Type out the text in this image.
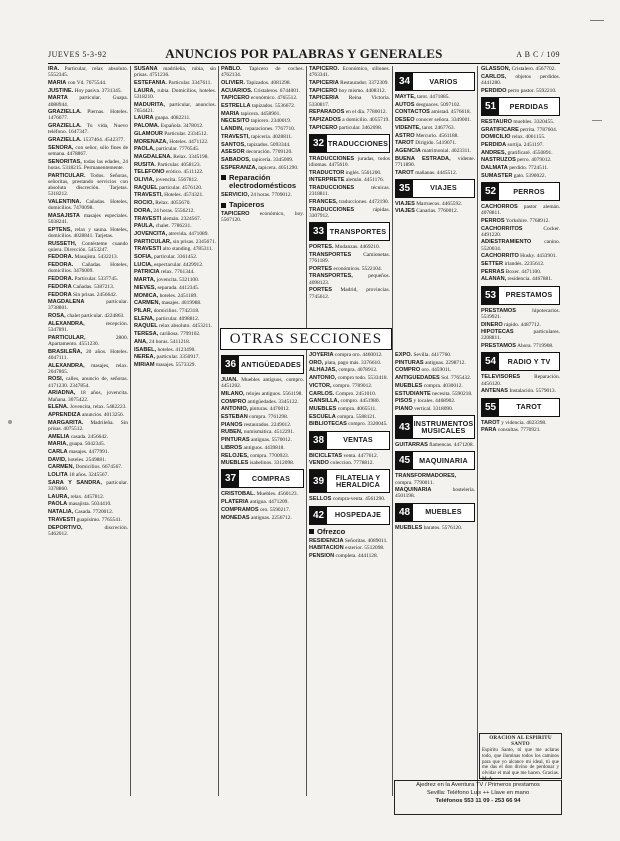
JUEVES 5-3-92	ANUNCIOS POR PALABRAS Y GENERALES	A B C / 109

IRA. Particular, relax absoluto. 5552345.

MARIA con Vd. 7675544.

JUSTINE. Hoy pasiva. 3731345.

MARTA particular. Guapa. 4088944.

GRAZIELLA. Piernas. Hoteles. 1476677.

GRAZIELLA. Tu vida, Nuevo teléfono. 1647347.

GRAZIELLA. 1537464. 4542377.

SENORA, con señor, sólo fines de semana. 4478867.

SENORITAS, todas las edades, 24 horas. 5318215. Permanentemente.

PARTICULAR. Todos. Señoras, señoritas, prestando servicios con absoluta discreción. Tarjetas. 5318212.

VALENTINA. Cañadas. Hoteles, domicilios. 7470098.

MASAJISTA masajes especiales. 5038241.

EPTENS, relax y sauna. Hoteles, domicilios. 4028841. Tarjetas.

RUSSETH, Contésteme cuando quiera. Dirección. 5453247.

FEDORA. Masajista. 5432213.

FEDORA. Cañadas. Hoteles, domicilios. 3476009.

FEDORA. Particular. 5337745.

FEDORA Cañadas. 5387213.

FEDORA Sin prisas. 2456642.

MAGDALENA	particular. 3738801.

ROSA, chalet particular. 4224863.

ALEXANDRA,	recepción. 5347891.

PARTICULAR,	2800. Apartamento. 4551230.

BRASILEÑA, 20 años. Hoteles. 4047111.

ALEXANDRA, masajes, relax. 2047865.

ROSI, calles, anuncio de, señoras. 4171230. 2347854.

ARIADNA, 18 años, jovencita. Mañana. 3075422.

ELENA. Jovencita, relax. 5482223.

APRENDIZA anuncios. 4013256.

MARGARITA. Madrileña. Sin prisas. 4075512.

AMELIA casada. 2456642.

MARIA, guapa. 5042345.

CARLA masajes. 4477991.

DAVID, hoteles. 2549881.

CARMEN, Domicilios. 6674567.

LOLITA 18 años. 3245567.

SARA Y SANDRA, particular. 3378860.

LAURA, relax. 4457812.

PAOLA masajista. 5034410.

NATALIA, Casada. 7720012.

TRAVESTI guapísimo. 7765541.

DEPORTIVO,	discreción. 5462012.

SUSANA madrileña, rubia, sin prisas. 4751236.

ESTEFANIA. Particular. 3347611.

LAURA, rubia. Domicilios, hoteles. 5318210.

MADURITA, particular, anuncios. 7654421.

LAURA guapa. 4082211.

PALOMA. Española. 3478012.

GLAMOUR Particular. 2334512.

MORENAZA, Hoteles. 4471122.

PAOLA, particular. 7776545.

MAGDALENA. Relax. 3345198.

RUSITA. Particular. 4058123.

TELEFONO erótico. 4511122.

OLIVIA, jovencita. 5567812.

RAQUEL particular. 4576120.

TRAVESTI, Hoteles. 4574321.

ROCIO, Relax. 4055670.

DORA, 24 horas. 5556212.

TRAVESTI alemán. 2324567.

PAULA, chalet. 7786231.

JOVENCITA, atrevida. 4471089.

PARTICULAR, sin prisas. 2345671.

TRAVESTI alto standing. 4785311.

SOFIA, particular. 3361452.

LUCIA, espectacular. 4429912.

PATRICIA relax. 7761344.

MARTA, jovencita. 5321100.

NIEVES, separada. 4412345.

MONICA, hoteles. 2451189.

CARMEN, masajes. 4019988.

PILAR, domicilios. 7742318.

ELENA, particular. 4098812.

RAQUEL relax absoluto. 4453211.

TERESA, cariñosa. 7799102.

ANA, 24 horas. 5411218.

ISABEL, hoteles. 4123490.

NEREA, particular. 3350917.

MIRIAM masajes. 5573329.

PABLO. Tapicero de coches. 4762134.

OLIVIER. Tapizados. 4081298.

ACUARIOS. Cristaleros. 6744001.

TAPICERO económico. 4765512.

ESTRELLA tapizados. 5536672.

MARIA tapicera. 4458901.

NECESITO tapicero. 2340019.

LANDIN, reparaciones. 7767710.

TRAVESTI, tapicería. 4028811.

SANTOS, tapizados. 5093344.

ASESOR decoración. 7709120.

SABADOS, tapicería. 3345009.

ESPERANZA, tapicera. 4051290.

Reparación electrodomésticos

SERVICIO, 24 horas. 7709012.

Tapiceros

TAPICERO económico, hoy. 5567120.

TAPICERO. Económico, sillones. 4763341.

TAPICERIA Restaurador. 3372309.

TAPICERO hoy mismo. 4408312.

TAPICERIA Reina Victoria. 5330817.

REPARADOS en el día. 7780012.

TAPIZADOS a domicilio. 4055719.

TAPICERO particular. 3462098.

32 TRADUCCIONES

TRADUCCIONES juradas, todos idiomas. 4475610.

TRADUCTOR inglés. 5561200.

INTERPRETE alemán. 4451176.

TRADUCCIONES	técnicas. 2318811.

FRANCES, traducciones. 4472190.

TRADUCCIONES	rápidas. 3307912.

33 TRANSPORTES

PORTES. Mudanzas. 4469210.

TRANSPORTES Camionetas. 7761189.

PORTES económicos. 5522104.

TRANSPORTES,	pequeños. 4098123.

PORTES Madrid, provincias. 7745612.

34	VARIOS

MAYTE, tarot. 4471885.

AUTOS desguaces. 5097102.

CONTACTOS amistad. 4576618.

DESEO conocer señora. 3349001.

VIDENTE, tarot. 2467763.

ASTRO Mercurio. 4561188.

TAROT Dirigido. 5419071.

AGENCIA matrimonial. 4023311.

BUENA ESTRADA, vidente. 7711890.

TAROT mañanas. 4445512.

35	VIAJES

VIAJES Marruecos. 4465592.

VIAJES Canarias. 7760012.

OTRAS SECCIONES
36 ANTIGÜEDADES

JUAN. Muebles antiguos, compro. 4451202.

MILANO, relojes antiguos. 5561198.

COMPRO antigüedades. 3345122.

ANTONIO, pinturas. 4470012.

ESTEBAN compra. 7761298.

PIANOS restaurados. 2249012.

RUBEN, numismática. 4512291.

PINTURAS antiguas. 5570012.

LIBROS antiguos. 4439818.

RELOJES, compra. 7700923.

MUEBLES isabelinos. 3312098.

37	COMPRAS

CRISTOBAL. Muebles. 4560123.

PLATERIA antigua. 4471209.

COMPRAMOS oro. 5590217.

MONEDAS antiguas. 2256712.

JOYERIA compra oro. 4460012.

ORO, plata, pago más. 3376610.

ALHAJAS, compra. 4078912.

ANTONIO, compro todo. 5533418.

VICTOR, compro. 7789012.

CARLOS. Compro. 2451010.

GANSILLA, compro. 4451980.

MUEBLES compra. 4065511.

ESCUELA compra. 5588121.

BIBLIOTECAS compro. 3320045.

38	VENTAS

BICICLETAS venta. 4477612.

VENDO coleccion. 7778812.

39	FILATELIA Y HERALDICA

SELLOS compra-venta. 4561290.

42	HOSPEDAJE
Ofrezco

RESIDENCIA Señoritas. 4089011.

HABITACION exterior. 5512098.

PENSION completa. 4441128.

EXPO. Sevilla. 4417760.

PINTURAS antiguas. 2298712.

COMPRO oro. 4459011.

ANTIGUEDADES Sol. 7765432.

MUEBLES compra. 4030012.

ESTUDIANTE necesita. 5590218.

PISOS y locales. 4468902.

PIANO vertical. 3318090.

43 INSTRUMENTOS MUSICALES

GUITARRAS flamencas. 4471208.

45	MAQUINARIA

TRANSFORMADORES, compra. 7790011.

MAQUINARIA	hostelería. 4501198.

48	MUEBLES

MUEBLES baratos. 5576120.

GLASSON, Cristalero. 4567702.

CARLOS, objetos perdidos. 4441280.

PERDIDO perro pastor. 5592210.

51	PERDIDAS

RESTAURO muebles. 3320455.

GRATIFICARE perrita. 7787604.

DOMICILIO relax. 4061155.

PERDIDA sortija. 2451197.

ANDRES, gratificaré. 4550891.

NASTRUZOS perro. 4079012.

DALMATA perdido. 7724511.

SUMASTER gato. 5390022.

52	PERROS

CACHORROS pastor alemán. 4078811.

PERROS Yorkshire. 7768912.

CACHORRITOS	Cocker. 4491220.

ADIESTRAMIENTO canino. 5520034.

CACHORRITO Husky. 4433901.

SETTER irlandés. 2235612.

PERRAS Boxer. 4471100.

ALANAN, residencia. 4467881.

53	PRESTAMOS

PRESTAMOS	hipotecarios. 5539921.

DINERO rápido. 4487712.

HIPOTECAS	particulares. 2208811.

PRESTAMOS Ahora. 7719908.

54	RADIO Y TV

TELEVISORES	Reparación. 4456120.

ANTENAS Instalación. 5579013.

55	TAROT

TAROT y videncia. 4023398.

PARA consultas. 7770921.

ORACION AL ESPIRITU SANTO

Espíritu Santo, tú que me aclaras todo, que iluminas todos los caminos para que yo alcance mi ideal, tú que me das el don divino de perdonar y olvidar el mal que me hacen. Gracias. M. A.

Ajedrez en la Aventura TV / Primeros prestamos
Sevilla: Teléfono Luis ++ Llave en mano
Teléfonos 553 11 09 - 253 66 94
